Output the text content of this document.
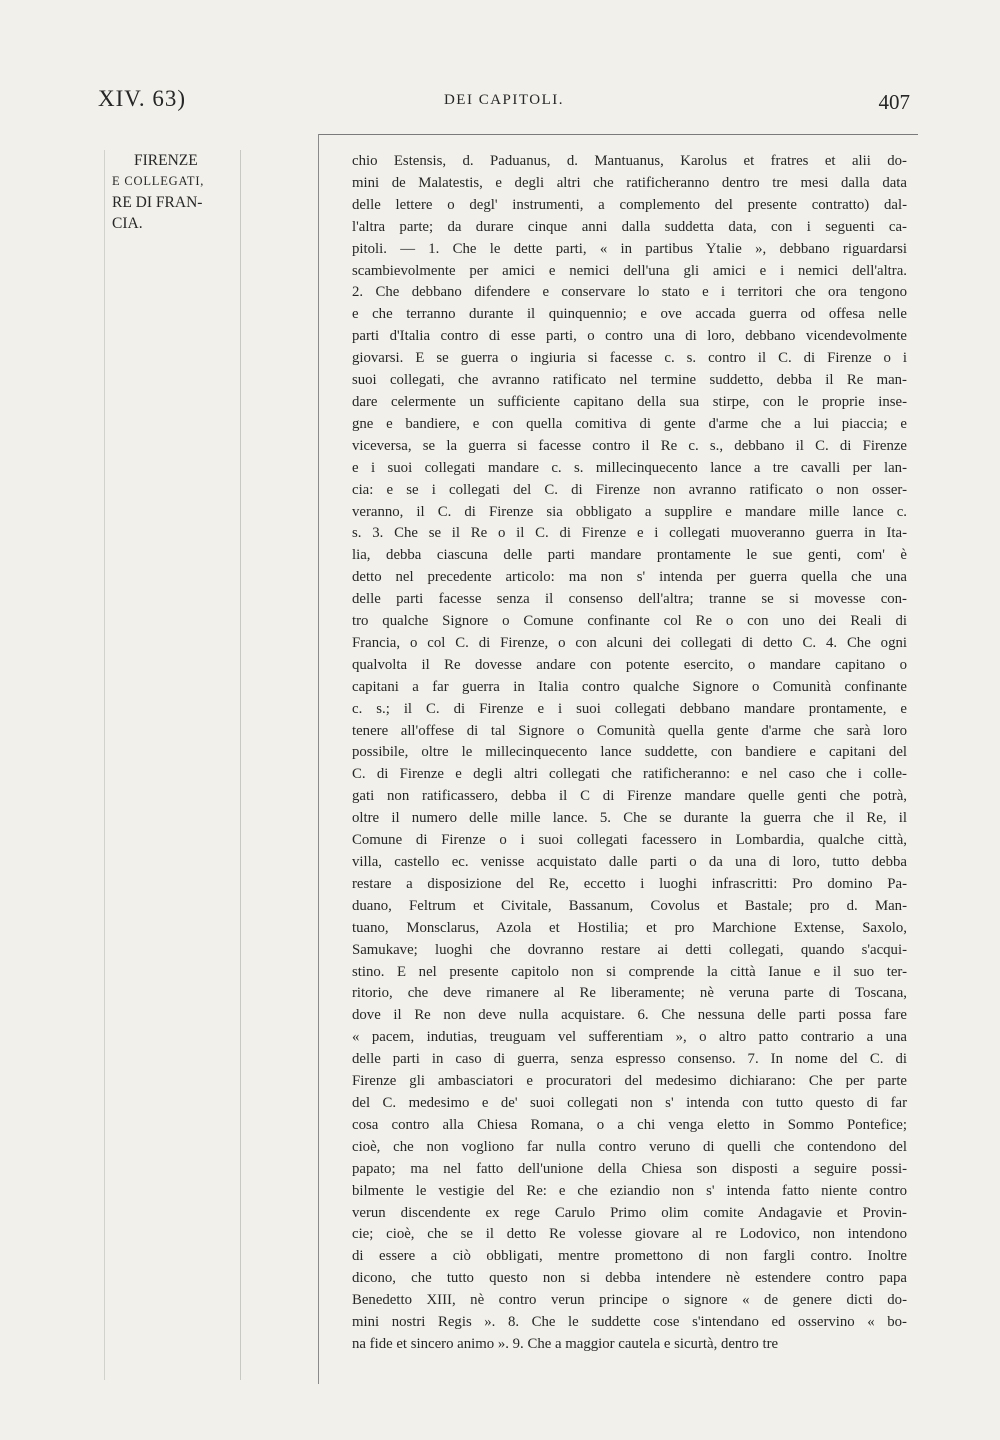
XIV. 63)	DEI CAPITOLI.	407
FIRENZE
E COLLEGATI,
RE DI FRAN-
CIA.
chio Estensis, d. Paduanus, d. Mantuanus, Karolus et fratres et alii do-
mini de Malatestis, e degli altri che ratificheranno dentro tre mesi dalla data
delle lettere o degl' instrumenti, a complemento del presente contratto) dal-
l'altra parte; da durare cinque anni dalla suddetta data, con i seguenti ca-
pitoli. — 1. Che le dette parti, « in partibus Ytalie », debbano riguardarsi
scambievolmente per amici e nemici dell'una gli amici e i nemici dell'altra.
2. Che debbano difendere e conservare lo stato e i territori che ora tengono
e che terranno durante il quinquennio; e ove accada guerra od offesa nelle
parti d'Italia contro di esse parti, o contro una di loro, debbano vicendevolmente
giovarsi. E se guerra o ingiuria si facesse c. s. contro il C. di Firenze o i
suoi collegati, che avranno ratificato nel termine suddetto, debba il Re man-
dare celermente un sufficiente capitano della sua stirpe, con le proprie inse-
gne e bandiere, e con quella comitiva di gente d'arme che a lui piaccia; e
viceversa, se la guerra si facesse contro il Re c. s., debbano il C. di Firenze
e i suoi collegati mandare c. s. millecinquecento lance a tre cavalli per lan-
cia: e se i collegati del C. di Firenze non avranno ratificato o non osser-
veranno, il C. di Firenze sia obbligato a supplire e mandare mille lance c.
s. 3. Che se il Re o il C. di Firenze e i collegati muoveranno guerra in Ita-
lia, debba ciascuna delle parti mandare prontamente le sue genti, com' è
detto nel precedente articolo: ma non s' intenda per guerra quella che una
delle parti facesse senza il consenso dell'altra; tranne se si movesse con-
tro qualche Signore o Comune confinante col Re o con uno dei Reali di
Francia, o col C. di Firenze, o con alcuni dei collegati di detto C. 4. Che ogni
qualvolta il Re dovesse andare con potente esercito, o mandare capitano o
capitani a far guerra in Italia contro qualche Signore o Comunità confinante
c. s.; il C. di Firenze e i suoi collegati debbano mandare prontamente, e
tenere all'offese di tal Signore o Comunità quella gente d'arme che sarà loro
possibile, oltre le millecinquecento lance suddette, con bandiere e capitani del
C. di Firenze e degli altri collegati che ratificheranno: e nel caso che i colle-
gati non ratificassero, debba il C di Firenze mandare quelle genti che potrà,
oltre il numero delle mille lance. 5. Che se durante la guerra che il Re, il
Comune di Firenze o i suoi collegati facessero in Lombardia, qualche città,
villa, castello ec. venisse acquistato dalle parti o da una di loro, tutto debba
restare a disposizione del Re, eccetto i luoghi infrascritti: Pro domino Pa-
duano, Feltrum et Civitale, Bassanum, Covolus et Bastale; pro d. Man-
tuano, Monsclarus, Azola et Hostilia; et pro Marchione Extense, Saxolo,
Samukave; luoghi che dovranno restare ai detti collegati, quando s'acqui-
stino. E nel presente capitolo non si comprende la città Ianue e il suo ter-
ritorio, che deve rimanere al Re liberamente; nè veruna parte di Toscana,
dove il Re non deve nulla acquistare. 6. Che nessuna delle parti possa fare
« pacem, indutias, treuguam vel sufferentiam », o altro patto contrario a una
delle parti in caso di guerra, senza espresso consenso. 7. In nome del C. di
Firenze gli ambasciatori e procuratori del medesimo dichiarano: Che per parte
del C. medesimo e de' suoi collegati non s' intenda con tutto questo di far
cosa contro alla Chiesa Romana, o a chi venga eletto in Sommo Pontefice;
cioè, che non vogliono far nulla contro veruno di quelli che contendono del
papato; ma nel fatto dell'unione della Chiesa son disposti a seguire possi-
bilmente le vestigie del Re: e che eziandio non s' intenda fatto niente contro
verun discendente ex rege Carulo Primo olim comite Andagavie et Provin-
cie; cioè, che se il detto Re volesse giovare al re Lodovico, non intendono
di essere a ciò obbligati, mentre promettono di non fargli contro. Inoltre
dicono, che tutto questo non si debba intendere nè estendere contro papa
Benedetto XIII, nè contro verun principe o signore « de genere dicti do-
mini nostri Regis ». 8. Che le suddette cose s'intendano ed osservino « bo-
na fide et sincero animo ». 9. Che a maggior cautela e sicurtà, dentro tre
